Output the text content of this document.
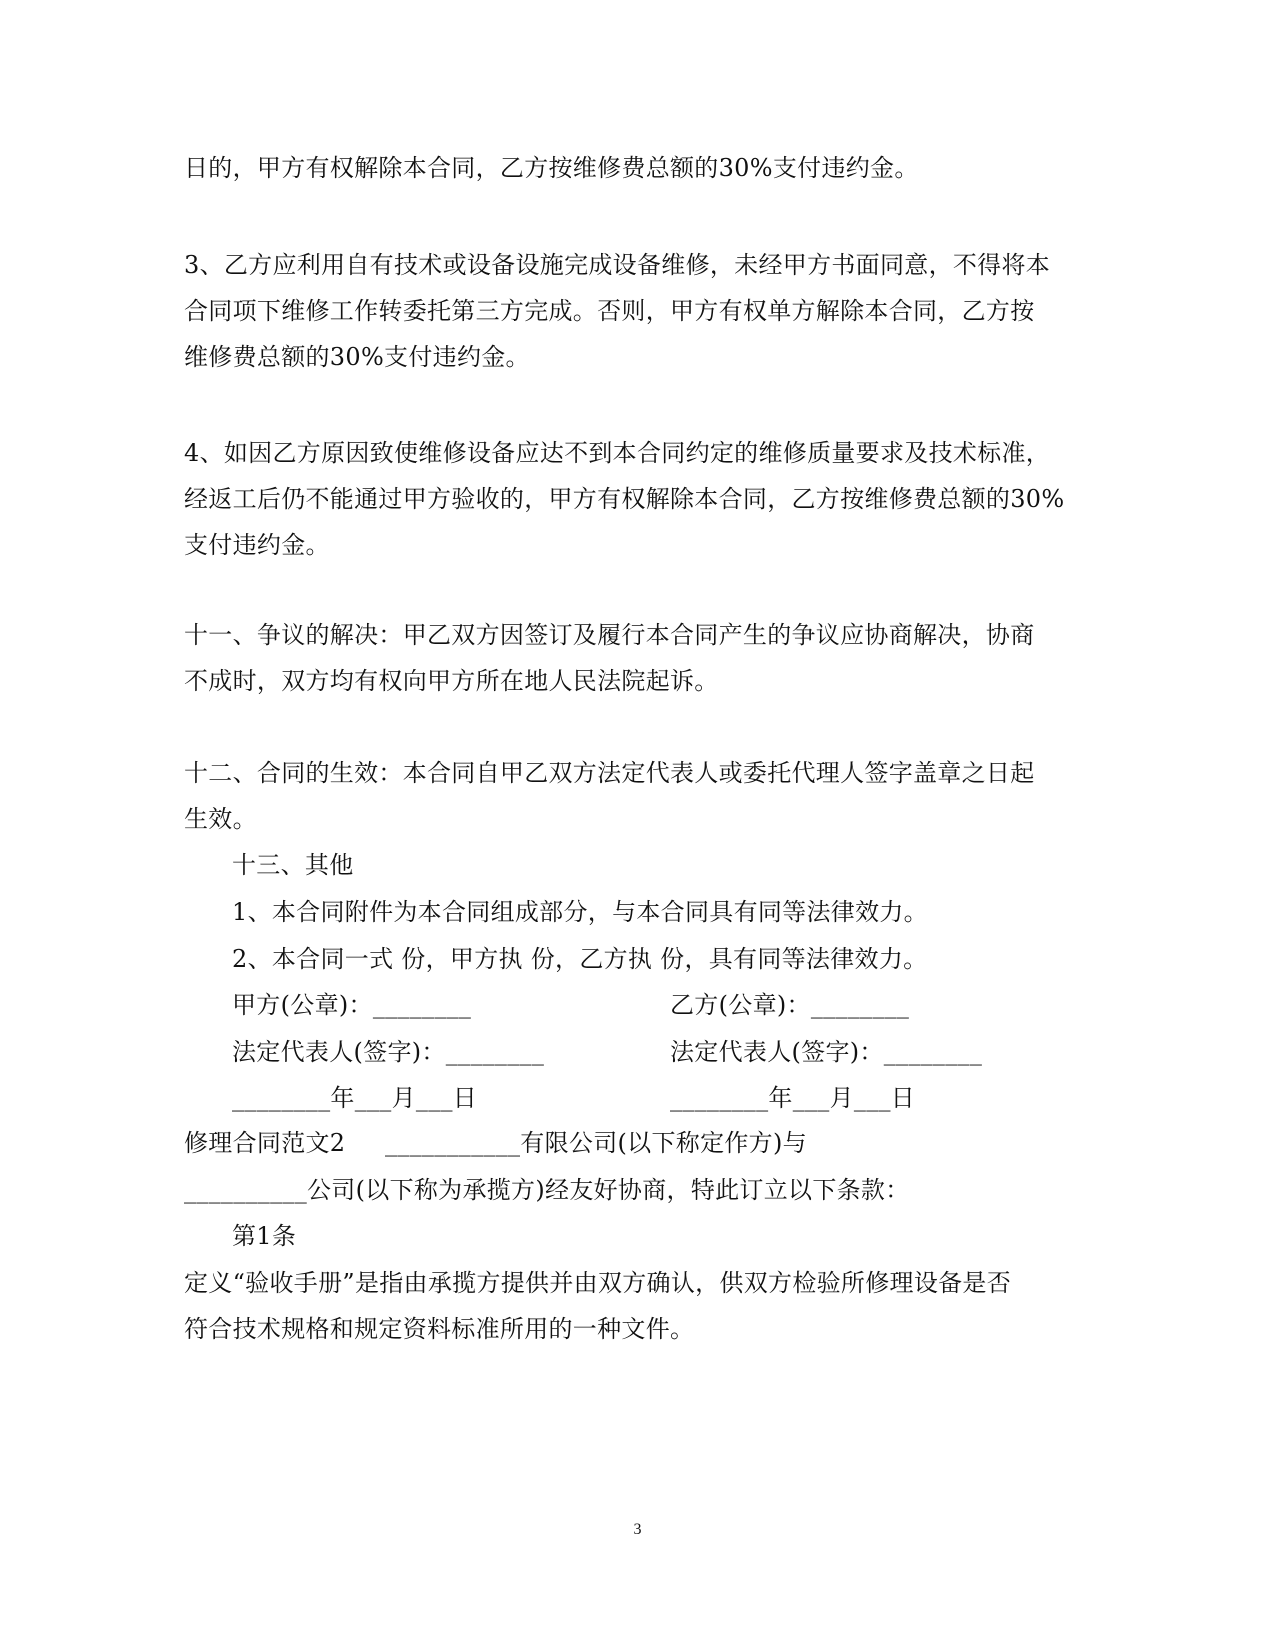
日的，甲方有权解除本合同，乙方按维修费总额的30%支付违约金。
3、乙方应利用自有技术或设备设施完成设备维修，未经甲方书面同意，不得将本
合同项下维修工作转委托第三方完成。否则，甲方有权单方解除本合同，乙方按
维修费总额的30%支付违约金。
4、如因乙方原因致使维修设备应达不到本合同约定的维修质量要求及技术标准，
经返工后仍不能通过甲方验收的，甲方有权解除本合同，乙方按维修费总额的30%
支付违约金。
十一、争议的解决：甲乙双方因签订及履行本合同产生的争议应协商解决，协商
不成时，双方均有权向甲方所在地人民法院起诉。
十二、合同的生效：本合同自甲乙双方法定代表人或委托代理人签字盖章之日起
生效。
十三、其他
1、本合同附件为本合同组成部分，与本合同具有同等法律效力。
2、本合同一式 份，甲方执 份，乙方执 份，具有同等法律效力。
甲方(公章)：________	乙方(公章)：________
法定代表人(签字)：________	法定代表人(签字)：________
________年___月___日	________年___月___日
修理合同范文2 ___________有限公司(以下称定作方)与
__________公司(以下称为承揽方)经友好协商，特此订立以下条款：
第1条
定义“验收手册”是指由承揽方提供并由双方确认，供双方检验所修理设备是否
符合技术规格和规定资料标准所用的一种文件。
3
